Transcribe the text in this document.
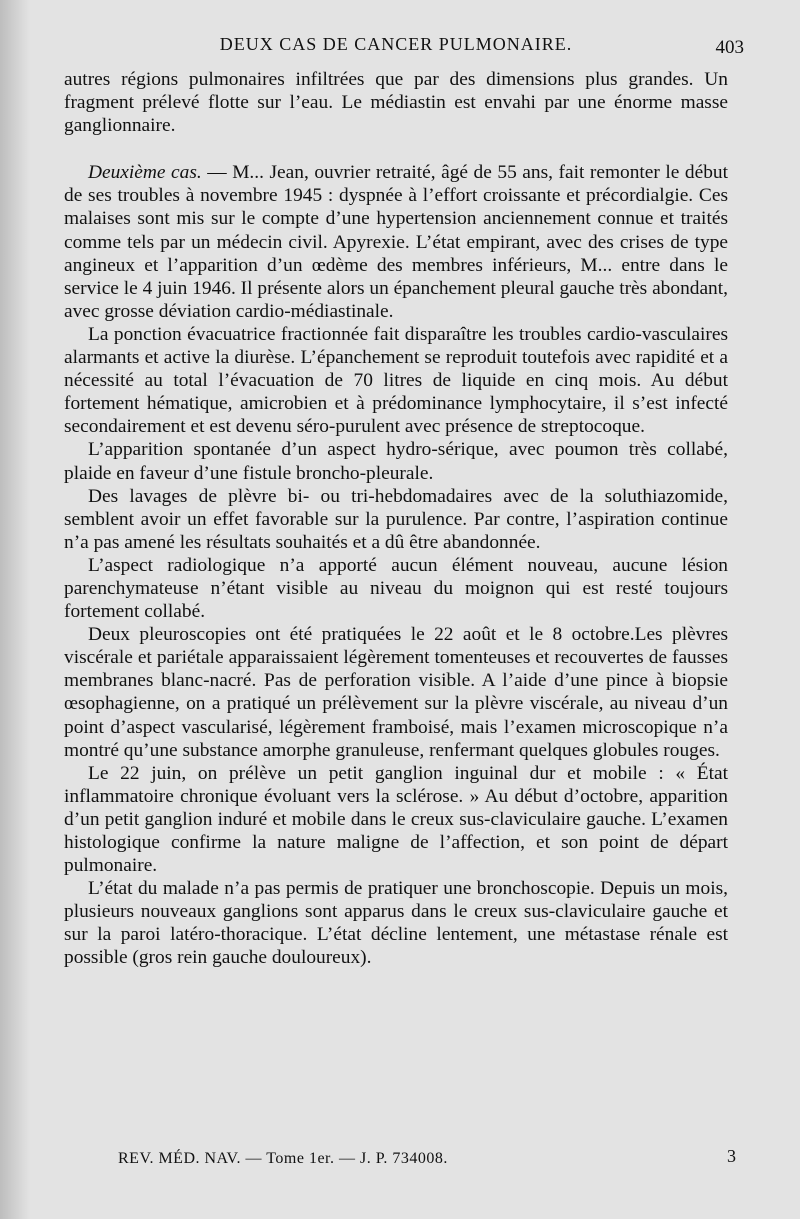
DEUX CAS DE CANCER PULMONAIRE.	403

autres régions pulmonaires infiltrées que par des dimensions plus grandes. Un fragment prélevé flotte sur l’eau. Le médiastin est envahi par une énorme masse ganglionnaire.

Deuxième cas. — M... Jean, ouvrier retraité, âgé de 55 ans, fait remonter le début de ses troubles à novembre 1945 : dyspnée à l’effort croissante et précordialgie. Ces malaises sont mis sur le compte d’une hypertension anciennement connue et traités comme tels par un médecin civil. Apyrexie. L’état empirant, avec des crises de type angineux et l’apparition d’un œdème des membres inférieurs, M... entre dans le service le 4 juin 1946. Il présente alors un épanchement pleural gauche très abondant, avec grosse déviation cardio-médiastinale.

La ponction évacuatrice fractionnée fait disparaître les troubles cardio-vasculaires alarmants et active la diurèse. L’épanchement se reproduit toutefois avec rapidité et a nécessité au total l’évacuation de 70 litres de liquide en cinq mois. Au début fortement hématique, amicrobien et à prédominance lymphocytaire, il s’est infecté secondairement et est devenu séro-purulent avec présence de streptocoque.

L’apparition spontanée d’un aspect hydro-sérique, avec poumon très collabé, plaide en faveur d’une fistule broncho-pleurale.

Des lavages de plèvre bi- ou tri-hebdomadaires avec de la soluthiazomide, semblent avoir un effet favorable sur la purulence. Par contre, l’aspiration continue n’a pas amené les résultats souhaités et a dû être abandonnée.

L’aspect radiologique n’a apporté aucun élément nouveau, aucune lésion parenchymateuse n’étant visible au niveau du moignon qui est resté toujours fortement collabé.

Deux pleuroscopies ont été pratiquées le 22 août et le 8 octobre.Les plèvres viscérale et pariétale apparaissaient légèrement tomenteuses et recouvertes de fausses membranes blanc-nacré. Pas de perforation visible. A l’aide d’une pince à biopsie œsophagienne, on a pratiqué un prélèvement sur la plèvre viscérale, au niveau d’un point d’aspect vascularisé, légèrement framboisé, mais l’examen microscopique n’a montré qu’une substance amorphe granuleuse, renfermant quelques globules rouges.

Le 22 juin, on prélève un petit ganglion inguinal dur et mobile : « État inflammatoire chronique évoluant vers la sclérose. » Au début d’octobre, apparition d’un petit ganglion induré et mobile dans le creux sus-claviculaire gauche. L’examen histologique confirme la nature maligne de l’affection, et son point de départ pulmonaire.

L’état du malade n’a pas permis de pratiquer une bronchoscopie. Depuis un mois, plusieurs nouveaux ganglions sont apparus dans le creux sus-claviculaire gauche et sur la paroi latéro-thoracique. L’état décline lentement, une métastase rénale est possible (gros rein gauche douloureux).

REV. MÉD. NAV. — Tome 1er. — J. P. 734008.	3
